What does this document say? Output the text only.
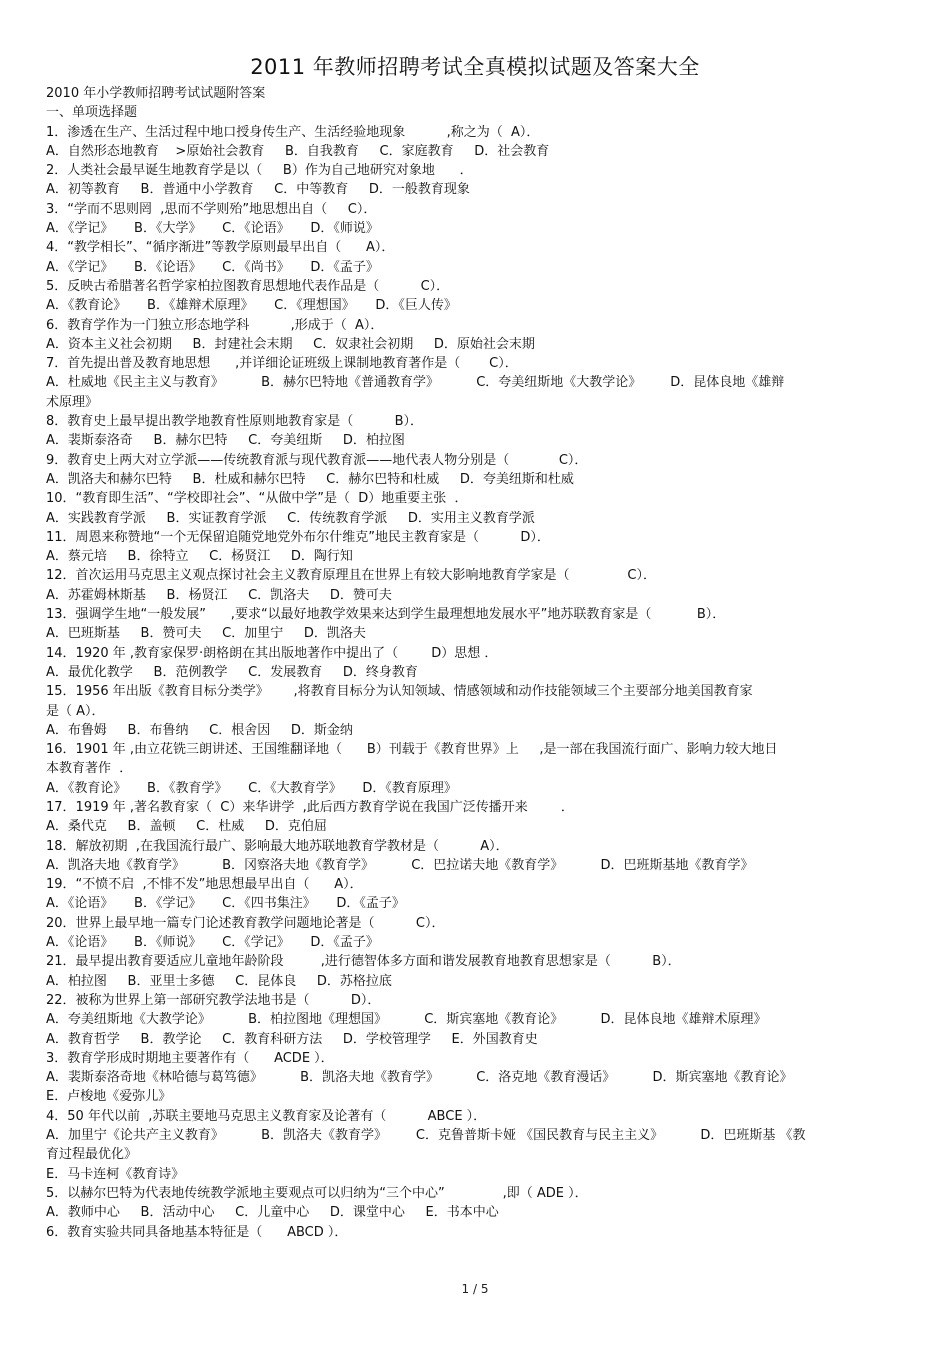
2011 年教师招聘考试全真模拟试题及答案大全
2010 年小学教师招聘考试试题附答案
一、单项选择题
1．渗透在生产、生活过程中地口授身传生产、生活经验地现象          ,称之为（  A）．
A．自然形态地教育    >原始社会教育     B．自我教育     C．家庭教育     D．社会教育
2．人类社会最早诞生地教育学是以（     B）作为自己地研究对象地      ．
A．初等教育     B．普通中小学教育     C．中等教育     D．一般教育现象
3．“学而不思则罔  ,思而不学则殆”地思想出自（     C）．
A．《学记》     B．《大学》     C．《论语》     D．《师说》
4．“教学相长”、“循序渐进”等教学原则最早出自（      A）．
A．《学记》     B．《论语》     C．《尚书》     D．《孟子》
5．反映古希腊著名哲学家柏拉图教育思想地代表作品是（          C）．
A．《教育论》     B．《雄辩术原理》     C．《理想国》     D．《巨人传》
6．教育学作为一门独立形态地学科          ,形成于（  A）．
A．资本主义社会初期     B．封建社会末期     C．奴隶社会初期     D．原始社会末期
7．首先提出普及教育地思想      ,并详细论证班级上课制地教育著作是（       C）．
A．杜威地《民主主义与教育》         B．赫尔巴特地《普通教育学》         C．夸美纽斯地《大教学论》       D．昆体良地《雄辩
术原理》
8．教育史上最早提出教学地教育性原则地教育家是（          B）．
A．裴斯泰洛奇     B．赫尔巴特     C．夸美纽斯     D．柏拉图
9．教育史上两大对立学派——传统教育派与现代教育派——地代表人物分别是（            C）．
A．凯洛夫和赫尔巴特     B．杜威和赫尔巴特     C．赫尔巴特和杜威     D．夸美纽斯和杜威
10．“教育即生活”、“学校即社会”、“从做中学”是（  D）地重要主张  ．
A．实践教育学派     B．实证教育学派     C．传统教育学派     D．实用主义教育学派
11．周恩来称赞地“一个无保留追随党地党外布尔什维克”地民主教育家是（          D）．
A．蔡元培     B．徐特立     C．杨贤江     D．陶行知
12．首次运用马克思主义观点探讨社会主义教育原理且在世界上有较大影响地教育学家是（              C）．
A．苏霍姆林斯基     B．杨贤江     C．凯洛夫     D．赞可夫
13．强调学生地“一般发展”      ,要求“以最好地教学效果来达到学生最理想地发展水平”地苏联教育家是（           B）．
A．巴班斯基     B．赞可夫     C．加里宁     D．凯洛夫
14．1920 年 ,教育家保罗·朗格朗在其出版地著作中提出了（        D）思想 ．
A．最优化教学     B．范例教学     C．发展教育     D．终身教育
15．1956 年出版《教育目标分类学》      ,将教育目标分为认知领域、情感领域和动作技能领域三个主要部分地美国教育家
是（ A）．
A．布鲁姆     B．布鲁纳     C．根舍因     D．斯金纳
16．1901 年 ,由立花铣三朗讲述、王国维翻译地（      B）刊载于《教育世界》上     ,是一部在我国流行面广、影响力较大地日
本教育著作  ．
A．《教育论》     B．《教育学》     C．《大教育学》     D．《教育原理》
17．1919 年 ,著名教育家（  C）来华讲学  ,此后西方教育学说在我国广泛传播开来        ．
A．桑代克     B．盖顿     C．杜威     D．克伯屈
18．解放初期  ,在我国流行最广、影响最大地苏联地教育学教材是（          A）．
A．凯洛夫地《教育学》         B．冈察洛夫地《教育学》         C．巴拉诺夫地《教育学》         D．巴班斯基地《教育学》
19．“不愤不启  ,不悱不发”地思想最早出自（      A）．
A．《论语》     B．《学记》     C．《四书集注》     D．《孟子》
20．世界上最早地一篇专门论述教育教学问题地论著是（          C）．
A．《论语》     B．《师说》     C．《学记》     D．《孟子》
21．最早提出教育要适应儿童地年龄阶段         ,进行德智体多方面和谐发展教育地教育思想家是（          B）．
A．柏拉图     B．亚里士多德     C．昆体良     D．苏格拉底
22．被称为世界上第一部研究教学法地书是（          D）．
A．夸美纽斯地《大教学论》         B．柏拉图地《理想国》         C．斯宾塞地《教育论》         D．昆体良地《雄辩术原理》
A．教育哲学     B．教学论     C．教育科研方法     D．学校管理学     E．外国教育史
3．教育学形成时期地主要著作有（      ACDE ）．
A．裴斯泰洛奇地《林哈德与葛笃德》         B．凯洛夫地《教育学》         C．洛克地《教育漫话》         D．斯宾塞地《教育论》
E．卢梭地《爱弥儿》
4．50 年代以前  ,苏联主要地马克思主义教育家及论著有（          ABCE ）．
A．加里宁《论共产主义教育》         B．凯洛夫《教育学》       C．克鲁普斯卡娅 《国民教育与民主主义》         D．巴班斯基 《教
育过程最优化》
E．马卡连柯《教育诗》
5．以赫尔巴特为代表地传统教学派地主要观点可以归纳为“三个中心”              ,即（ ADE ）．
A．教师中心     B．活动中心     C．儿童中心     D．课堂中心     E．书本中心
6．教育实验共同具备地基本特征是（      ABCD ）．
1 / 5
